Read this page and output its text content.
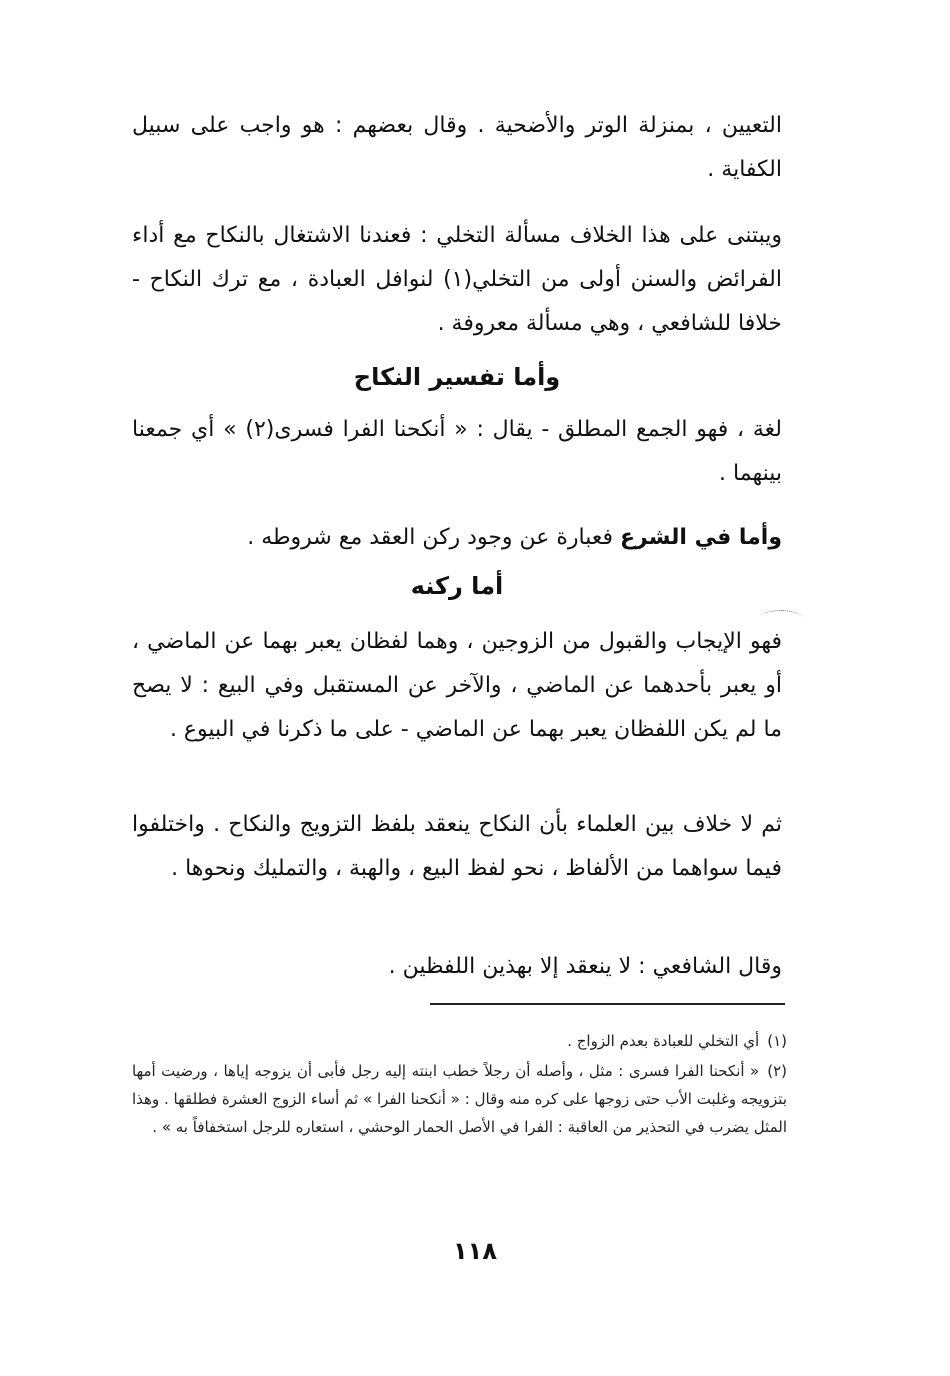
التعيين ، بمنزلة الوتر والأضحية . وقال بعضهم : هو واجب على سبيل الكفاية .

ويبتنى على هذا الخلاف مسألة التخلي : فعندنا الاشتغال بالنكاح مع أداء الفرائض والسنن أولى من التخلي(١) لنوافل العبادة ، مع ترك النكاح - خلافا للشافعي ، وهي مسألة معروفة .

وأما تفسير النكاح

لغة ، فهو الجمع المطلق - يقال : « أنكحنا الفرا فسرى(٢) » أي جمعنا بينهما .

وأما في الشرع فعبارة عن وجود ركن العقد مع شروطه .

أما ركنه

فهو الإيجاب والقبول من الزوجين ، وهما لفظان يعبر بهما عن الماضي ، أو يعبر بأحدهما عن الماضي ، والآخر عن المستقبل وفي البيع : لا يصح ما لم يكن اللفظان يعبر بهما عن الماضي - على ما ذكرنا في البيوع .

ثم لا خلاف بين العلماء بأن النكاح ينعقد بلفظ التزويج والنكاح . واختلفوا فيما سواهما من الألفاظ ، نحو لفظ البيع ، والهبة ، والتمليك ونحوها .

وقال الشافعي : لا ينعقد إلا بهذين اللفظين .

(١)أي التخلي للعبادة بعدم الزواج .

(٢)« أنكحنا الفرا فسرى : مثل ، وأصله أن رجلاً خطب ابنته إليه رجل فأبى أن يزوجه إياها ، ورضيت أمها بتزويجه وغلبت الأب حتى زوجها على كره منه وقال : « أنكحنا الفرا » ثم أساء الزوج العشرة فطلقها . وهذا المثل يضرب في التحذير من العاقبة : الفرا في الأصل الحمار الوحشي ، استعاره للرجل استخفافاً به » .

١١٨
